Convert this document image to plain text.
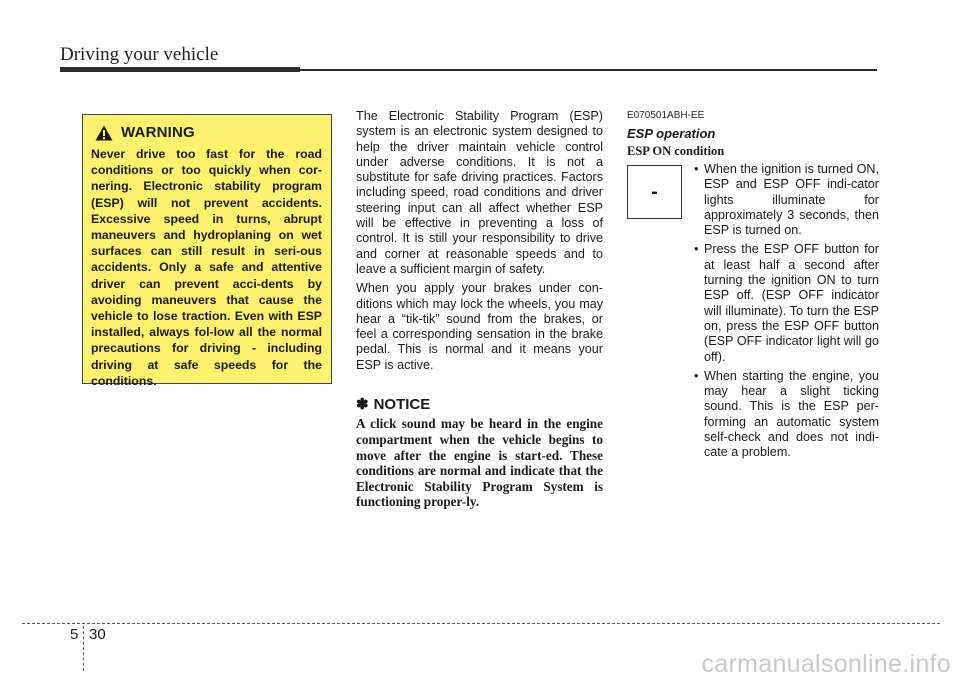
Driving your vehicle
WARNING
Never drive too fast for the road conditions or too quickly when cor-nering. Electronic stability program (ESP) will not prevent accidents. Excessive speed in turns, abrupt maneuvers and hydroplaning on wet surfaces can still result in seri-ous accidents. Only a safe and attentive driver can prevent acci-dents by avoiding maneuvers that cause the vehicle to lose traction. Even with ESP installed, always fol-low all the normal precautions for driving - including driving at safe speeds for the conditions.

The Electronic Stability Program (ESP) system is an electronic system designed to help the driver maintain vehicle control under adverse conditions. It is not a substitute for safe driving practices. Factors including speed, road conditions and driver steering input can all affect whether ESP will be effective in preventing a loss of control. It is still your responsibility to drive and corner at reasonable speeds and to leave a sufficient margin of safety.

When you apply your brakes under con-ditions which may lock the wheels, you may hear a “tik-tik” sound from the brakes, or feel a corresponding sensation in the brake pedal. This is normal and it means your ESP is active.

✽ NOTICE

A click sound may be heard in the engine compartment when the vehicle begins to move after the engine is start-ed. These conditions are normal and indicate that the Electronic Stability Program System is functioning proper-ly.

E070501ABH-EE
ESP operation
ESP ON condition
-
• When the ignition is turned ON, ESP and ESP OFF indi-cator lights illuminate for approximately 3 seconds, then ESP is turned on.
• Press the ESP OFF button for at least half a second after turning the ignition ON to turn ESP off. (ESP OFF indicator will illuminate). To turn the ESP on, press the ESP OFF button (ESP OFF indicator light will go off).
• When starting the engine, you may hear a slight ticking sound. This is the ESP per-forming an automatic system self-check and does not indi-cate a problem.
5 30
carmanualsonline.info
